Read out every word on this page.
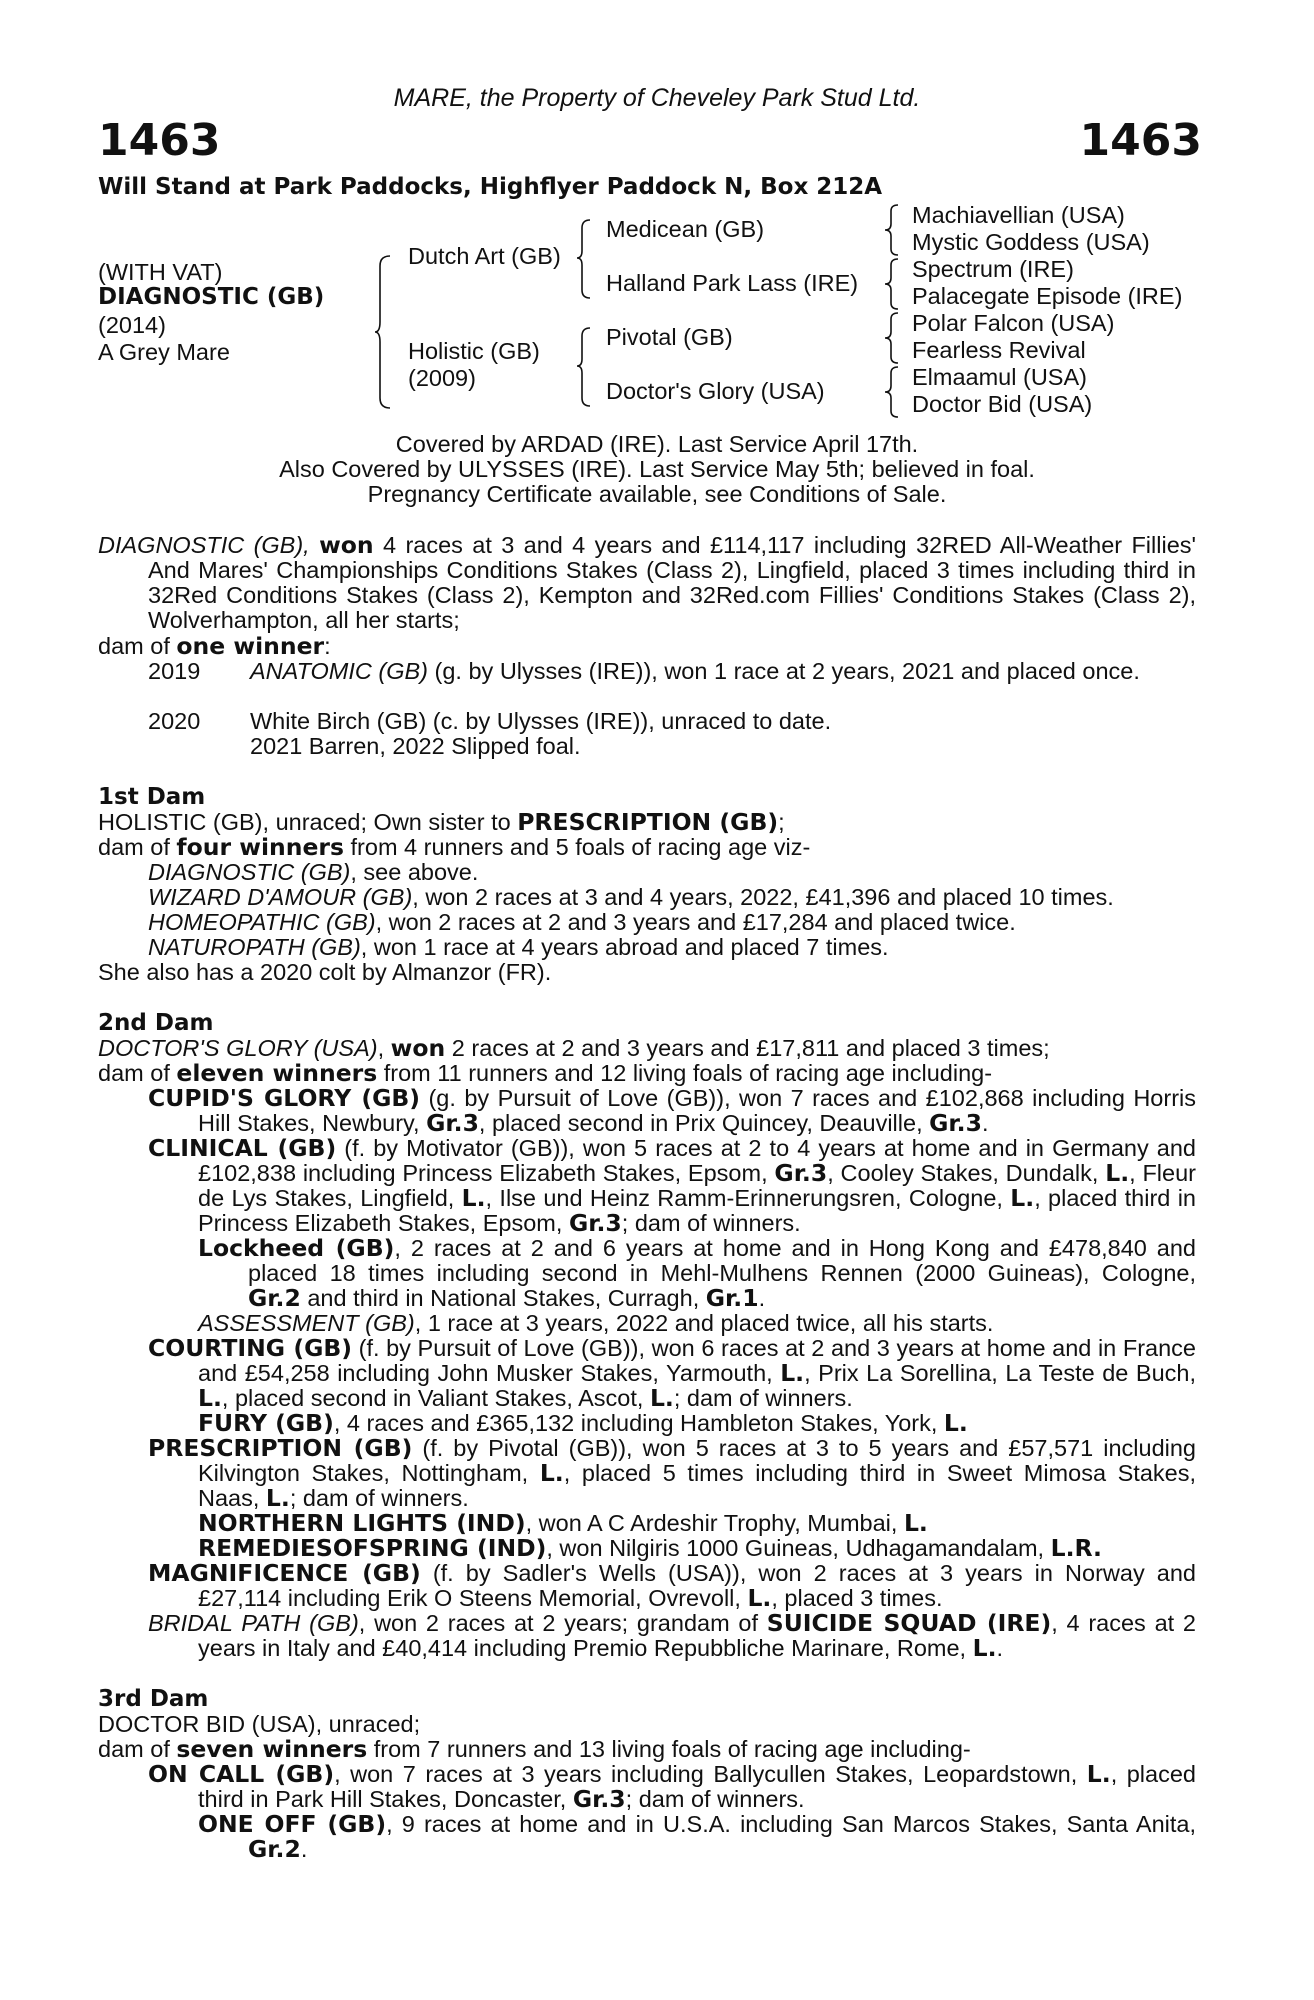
MARE, the Property of Cheveley Park Stud Ltd.
1463	1463
Will Stand at Park Paddocks, Highflyer Paddock N, Box 212A
(WITH VAT)
DIAGNOSTIC (GB)
(2014)
A Grey Mare
Dutch Art (GB)
Holistic (GB)
(2009)
Medicean (GB)
Halland Park Lass (IRE)
Pivotal (GB)
Doctor's Glory (USA)
Machiavellian (USA)
Mystic Goddess (USA)
Spectrum (IRE)
Palacegate Episode (IRE)
Polar Falcon (USA)
Fearless Revival
Elmaamul (USA)
Doctor Bid (USA)
Covered by ARDAD (IRE). Last Service April 17th.
Also Covered by ULYSSES (IRE). Last Service May 5th; believed in foal.
Pregnancy Certificate available, see Conditions of Sale.
DIAGNOSTIC (GB), won 4 races at 3 and 4 years and £114,117 including 32RED All-Weather Fillies' And Mares' Championships Conditions Stakes (Class 2), Lingfield, placed 3 times including third in 32Red Conditions Stakes (Class 2), Kempton and 32Red.com Fillies' Conditions Stakes (Class 2), Wolverhampton, all her starts;
dam of one winner:
2019 ANATOMIC (GB) (g. by Ulysses (IRE)), won 1 race at 2 years, 2021 and placed once.
2020 White Birch (GB) (c. by Ulysses (IRE)), unraced to date.
2021 Barren, 2022 Slipped foal.
1st Dam
HOLISTIC (GB), unraced; Own sister to PRESCRIPTION (GB);
dam of four winners from 4 runners and 5 foals of racing age viz-
DIAGNOSTIC (GB), see above.
WIZARD D'AMOUR (GB), won 2 races at 3 and 4 years, 2022, £41,396 and placed 10 times.
HOMEOPATHIC (GB), won 2 races at 2 and 3 years and £17,284 and placed twice.
NATUROPATH (GB), won 1 race at 4 years abroad and placed 7 times.
She also has a 2020 colt by Almanzor (FR).
2nd Dam
DOCTOR'S GLORY (USA), won 2 races at 2 and 3 years and £17,811 and placed 3 times;
dam of eleven winners from 11 runners and 12 living foals of racing age including-
CUPID'S GLORY (GB) (g. by Pursuit of Love (GB)), won 7 races and £102,868 including Horris Hill Stakes, Newbury, Gr.3, placed second in Prix Quincey, Deauville, Gr.3.
CLINICAL (GB) (f. by Motivator (GB)), won 5 races at 2 to 4 years at home and in Germany and £102,838 including Princess Elizabeth Stakes, Epsom, Gr.3, Cooley Stakes, Dundalk, L., Fleur de Lys Stakes, Lingfield, L., Ilse und Heinz Ramm-Erinnerungsren, Cologne, L., placed third in Princess Elizabeth Stakes, Epsom, Gr.3; dam of winners.
Lockheed (GB), 2 races at 2 and 6 years at home and in Hong Kong and £478,840 and placed 18 times including second in Mehl-Mulhens Rennen (2000 Guineas), Cologne, Gr.2 and third in National Stakes, Curragh, Gr.1.
ASSESSMENT (GB), 1 race at 3 years, 2022 and placed twice, all his starts.
COURTING (GB) (f. by Pursuit of Love (GB)), won 6 races at 2 and 3 years at home and in France and £54,258 including John Musker Stakes, Yarmouth, L., Prix La Sorellina, La Teste de Buch, L., placed second in Valiant Stakes, Ascot, L.; dam of winners.
FURY (GB), 4 races and £365,132 including Hambleton Stakes, York, L.
PRESCRIPTION (GB) (f. by Pivotal (GB)), won 5 races at 3 to 5 years and £57,571 including Kilvington Stakes, Nottingham, L., placed 5 times including third in Sweet Mimosa Stakes, Naas, L.; dam of winners.
NORTHERN LIGHTS (IND), won A C Ardeshir Trophy, Mumbai, L.
REMEDIESOFSPRING (IND), won Nilgiris 1000 Guineas, Udhagamandalam, L.R.
MAGNIFICENCE (GB) (f. by Sadler's Wells (USA)), won 2 races at 3 years in Norway and £27,114 including Erik O Steens Memorial, Ovrevoll, L., placed 3 times.
BRIDAL PATH (GB), won 2 races at 2 years; grandam of SUICIDE SQUAD (IRE), 4 races at 2 years in Italy and £40,414 including Premio Repubbliche Marinare, Rome, L..
3rd Dam
DOCTOR BID (USA), unraced;
dam of seven winners from 7 runners and 13 living foals of racing age including-
ON CALL (GB), won 7 races at 3 years including Ballycullen Stakes, Leopardstown, L., placed third in Park Hill Stakes, Doncaster, Gr.3; dam of winners.
ONE OFF (GB), 9 races at home and in U.S.A. including San Marcos Stakes, Santa Anita, Gr.2.
